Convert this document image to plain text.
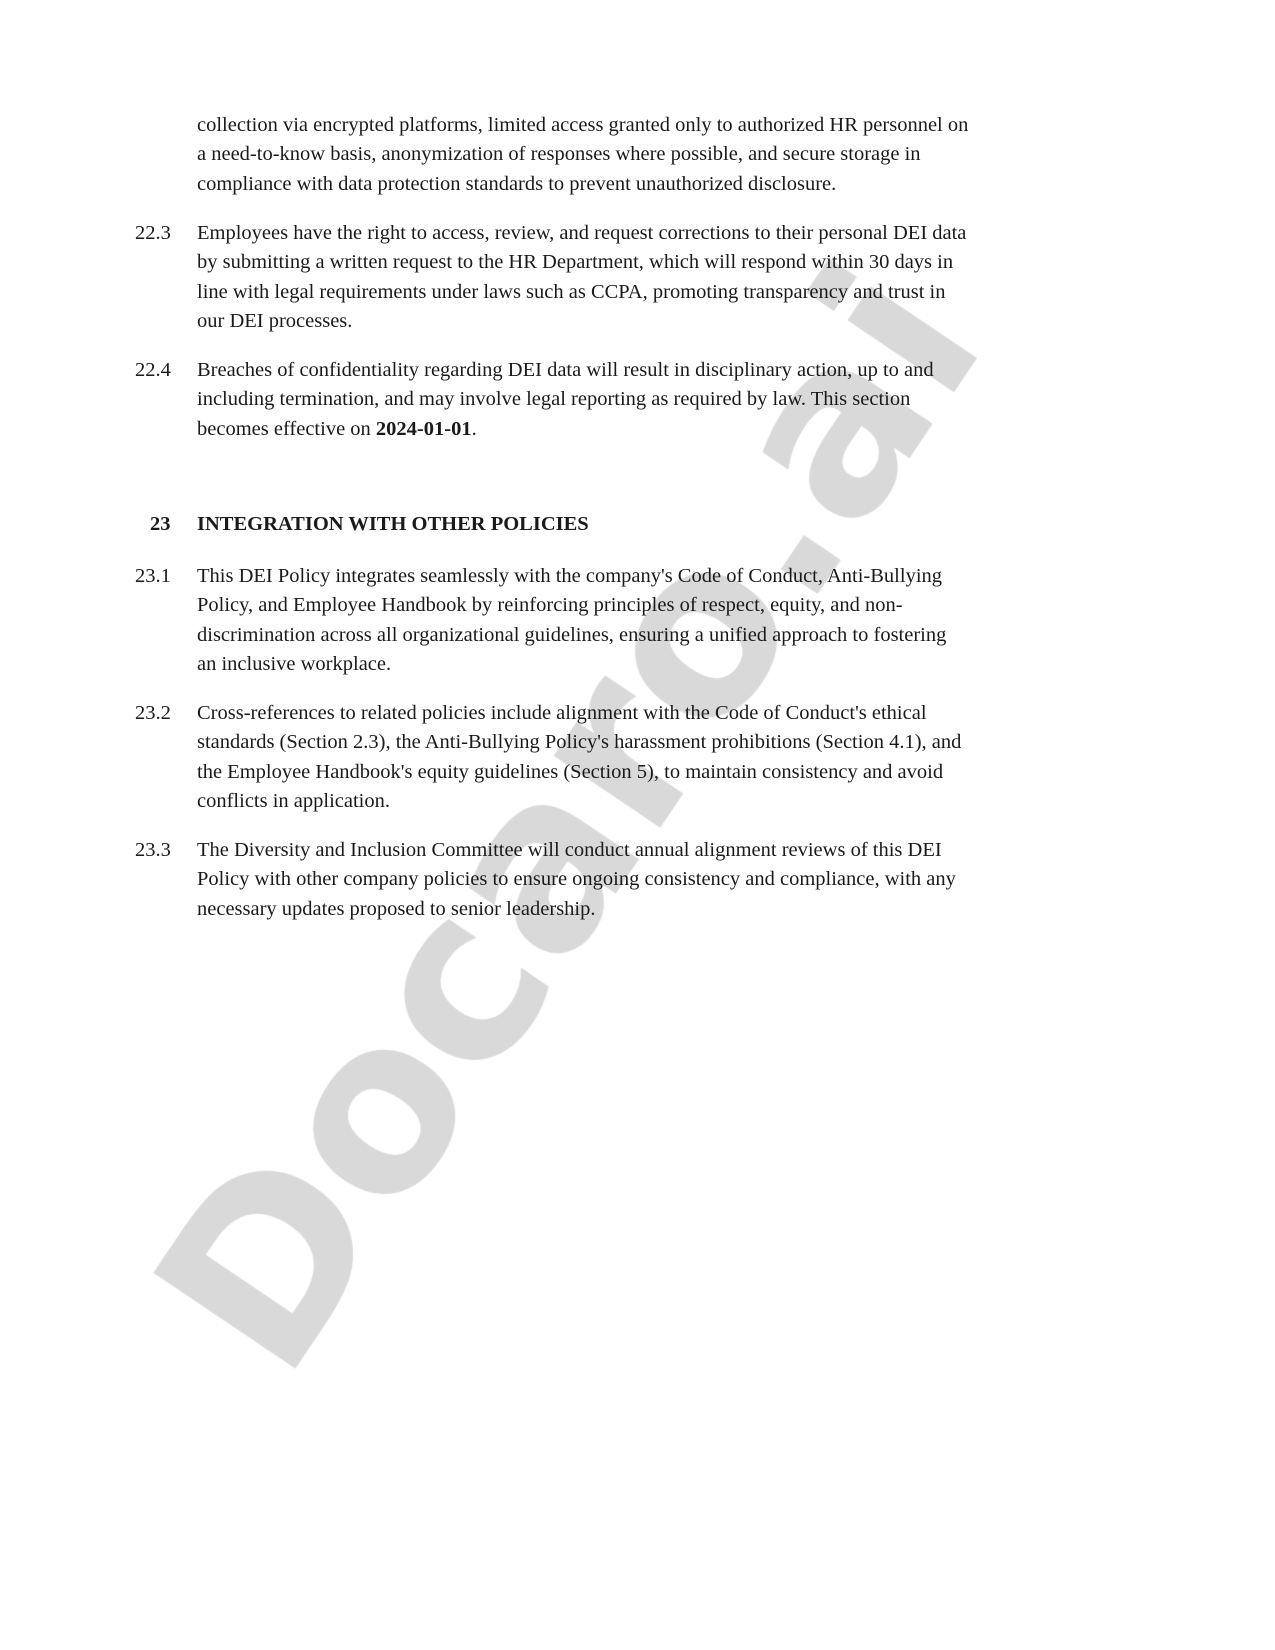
collection via encrypted platforms, limited access granted only to authorized HR personnel on
a need-to-know basis, anonymization of responses where possible, and secure storage in
compliance with data protection standards to prevent unauthorized disclosure.
22.3 Employees have the right to access, review, and request corrections to their personal DEI data
by submitting a written request to the HR Department, which will respond within 30 days in
line with legal requirements under laws such as CCPA, promoting transparency and trust in
our DEI processes.
22.4 Breaches of confidentiality regarding DEI data will result in disciplinary action, up to and
including termination, and may involve legal reporting as required by law. This section
becomes effective on 2024-01-01.
23 INTEGRATION WITH OTHER POLICIES
23.1 This DEI Policy integrates seamlessly with the company's Code of Conduct, Anti-Bullying
Policy, and Employee Handbook by reinforcing principles of respect, equity, and non-
discrimination across all organizational guidelines, ensuring a unified approach to fostering
an inclusive workplace.
23.2 Cross-references to related policies include alignment with the Code of Conduct's ethical
standards (Section 2.3), the Anti-Bullying Policy's harassment prohibitions (Section 4.1), and
the Employee Handbook's equity guidelines (Section 5), to maintain consistency and avoid
conflicts in application.
23.3 The Diversity and Inclusion Committee will conduct annual alignment reviews of this DEI
Policy with other company policies to ensure ongoing consistency and compliance, with any
necessary updates proposed to senior leadership.
